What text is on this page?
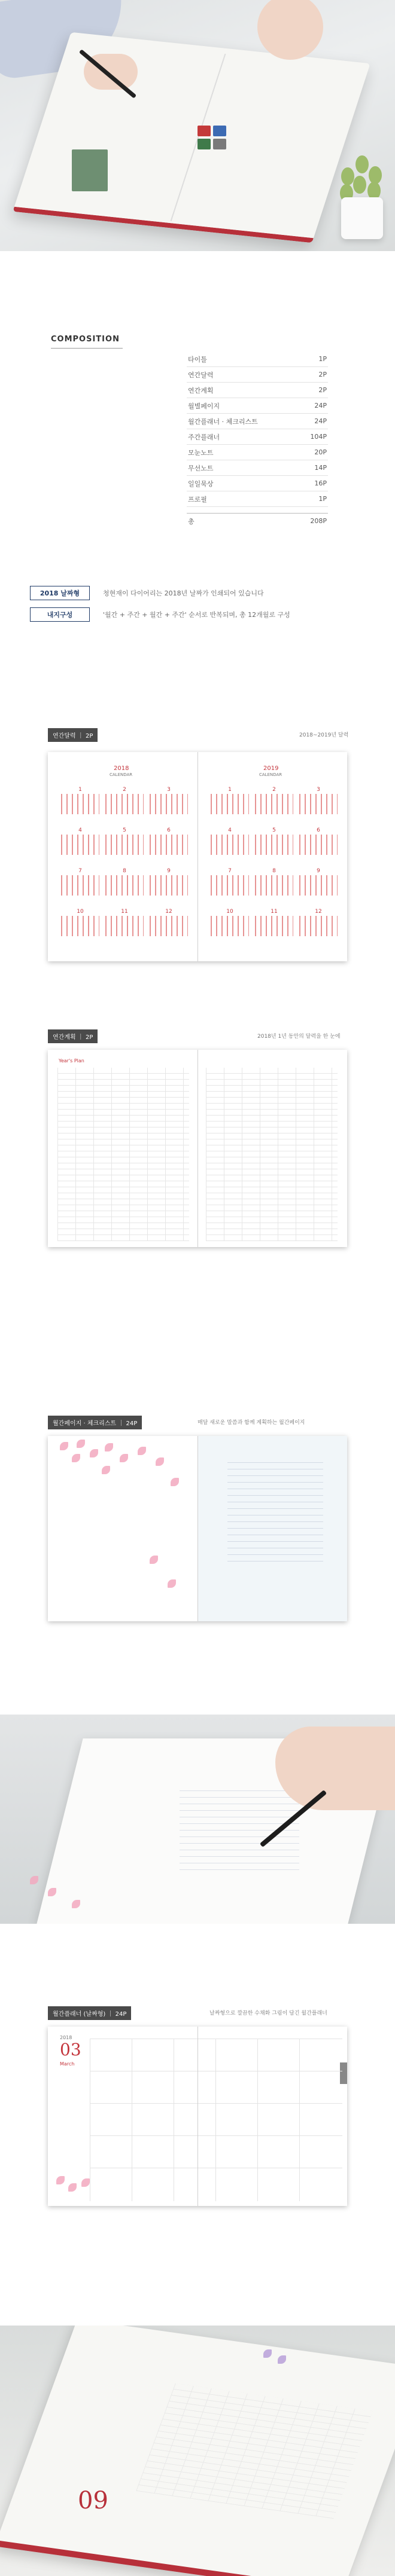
COMPOSITION
타이틀	1P
연간달력	2P
연간계획	2P
월별페이지	24P
월간플래너 · 체크리스트	24P
주간플래너	104P
모눈노트	20P
무선노트	14P
일일묵상	16P
프로필	1P
총	208P
2018 날짜형	청현재이 다이어리는 2018년 날짜가 인쇄되어 있습니다
내지구성	'월간 + 주간 + 월간 + 주간' 순서로 반복되며, 총 12개월로 구성
연간달력 ｜ 2P	2018~2019년 달력
2018
CALENDAR
2019
CALENDAR
1	2	3
4	5	6
7	8	9
10	11	12
1	2	3
4	5	6
7	8	9
10	11	12
연간계획 ｜ 2P	2018년 1년 동안의 달력을 한 눈에
Year's Plan
월간페이지 · 체크리스트 ｜ 24P	매달 새로운 말씀과 함께 계획하는 월간페이지
월간플래너 (날짜형) ｜ 24P	날짜형으로 깔끔한 수채화 그림이 담긴 월간플래너
2018
03
March
09
